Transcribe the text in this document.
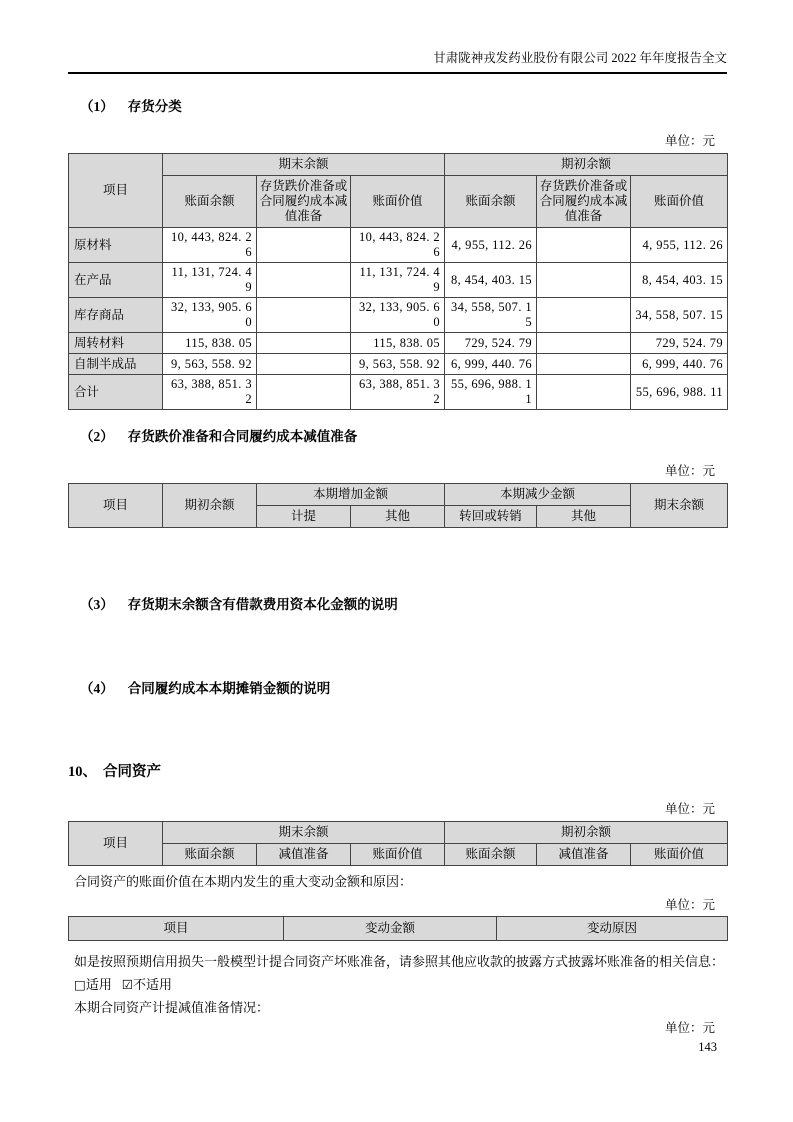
甘肃陇神戎发药业股份有限公司 2022 年年度报告全文
（1） 存货分类
单位：元
项目	期末余额			期初余额		
	账面余额	存货跌价准备或合同履约成本减值准备	账面价值	账面余额	存货跌价准备或合同履约成本减值准备	账面价值
原材料	10, 443, 824. 26		10, 443, 824. 26	4, 955, 112. 26		4, 955, 112. 26
在产品	11, 131, 724. 49		11, 131, 724. 49	8, 454, 403. 15		8, 454, 403. 15
库存商品	32, 133, 905. 60		32, 133, 905. 60	34, 558, 507. 15		34, 558, 507. 15
周转材料	115, 838. 05		115, 838. 05	729, 524. 79		729, 524. 79
自制半成品	9, 563, 558. 92		9, 563, 558. 92	6, 999, 440. 76		6, 999, 440. 76
合计	63, 388, 851. 32		63, 388, 851. 32	55, 696, 988. 11		55, 696, 988. 11
（2） 存货跌价准备和合同履约成本减值准备
单位：元
项目	期初余额	本期增加金额		本期减少金额		期末余额
		计提	其他	转回或转销	其他	
（3） 存货期末余额含有借款费用资本化金额的说明
（4） 合同履约成本本期摊销金额的说明
10、 合同资产
单位：元
项目	期末余额			期初余额		
	账面余额	减值准备	账面价值	账面余额	减值准备	账面价值
合同资产的账面价值在本期内发生的重大变动金额和原因：
单位：元
项目	变动金额	变动原因
如是按照预期信用损失一般模型计提合同资产坏账准备，请参照其他应收款的披露方式披露坏账准备的相关信息：
□适用 ☑不适用
本期合同资产计提减值准备情况：
单位：元
143
